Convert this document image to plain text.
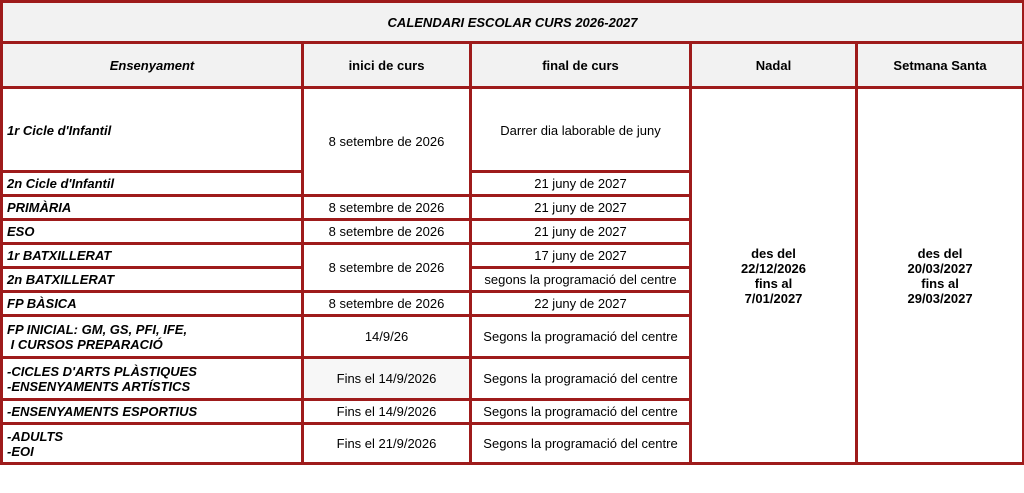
CALENDARI ESCOLAR CURS 2026-2027				
Ensenyament	inici de curs	final de curs	Nadal	Setmana Santa
1r Cicle d'Infantil	8 setembre de 2026	Darrer dia laborable de juny	des del
22/12/2026
fins al
7/01/2027	des del
20/03/2027
fins al
29/03/2027

2n Cicle d'Infantil		21 juny de 2027		
PRIMÀRIA	8 setembre de 2026	21 juny de 2027		
ESO	8 setembre de 2026	21 juny de 2027		
1r BATXILLERAT	8 setembre de 2026	17 juny de 2027		
2n BATXILLERAT		segons la programació del centre		
FP BÀSICA	8 setembre de 2026	22 juny de 2027		

FP INICIAL: GM, GS, PFI, IFE,
I CURSOS PREPARACIÓ	14/9/26	Segons la programació del centre		

-CICLES D'ARTS PLÀSTIQUES
-ENSENYAMENTS ARTÍSTICS	Fins el 14/9/2026	Segons la programació del centre		
-ENSENYAMENTS ESPORTIUS	Fins el 14/9/2026	Segons la programació del centre		

-ADULTS
-EOI	Fins el 21/9/2026	Segons la programació del centre		
